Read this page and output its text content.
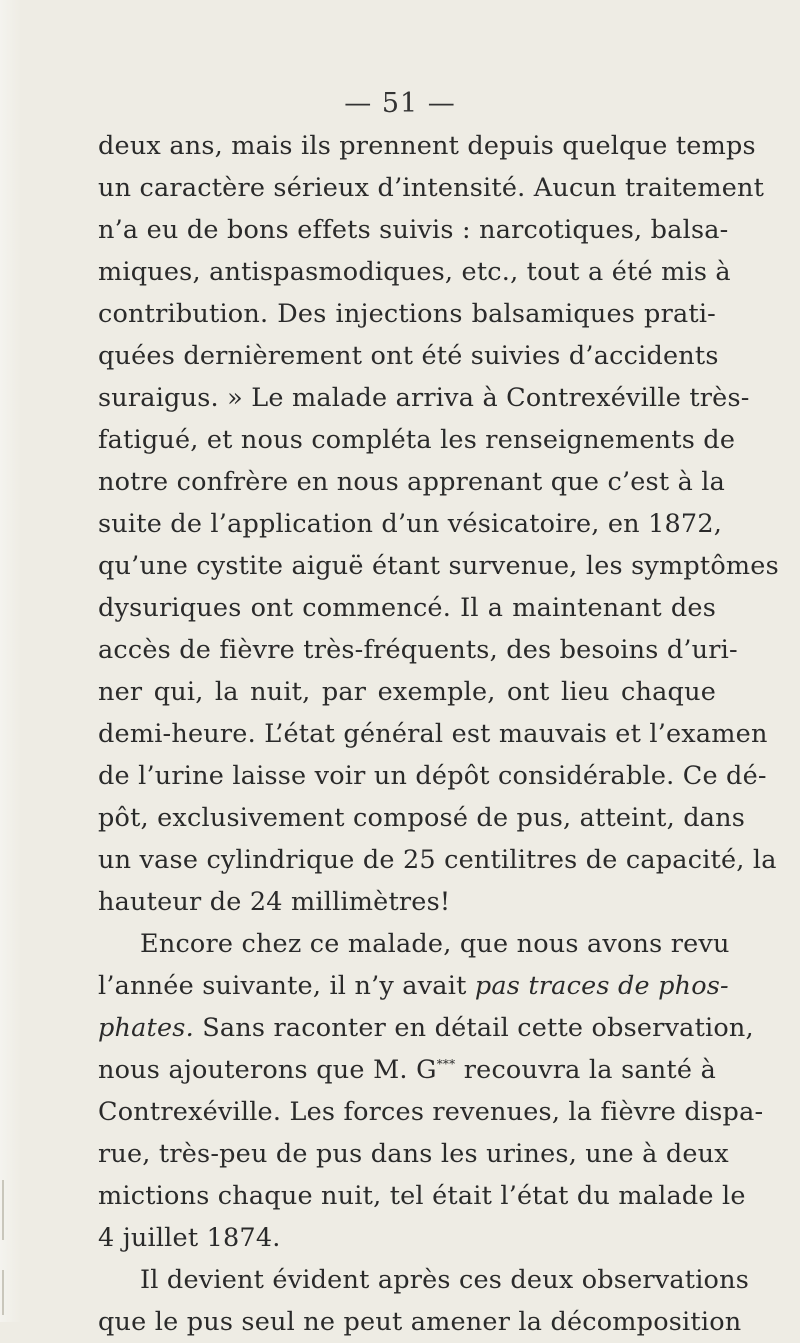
— 51 —
deux ans, mais ils prennent depuis quelque temps
un caractère sérieux d’intensité. Aucun traitement
n’a eu de bons effets suivis : narcotiques, balsa-
miques, antispasmodiques, etc., tout a été mis à
contribution. Des injections balsamiques prati-
quées dernièrement ont été suivies d’accidents
suraigus. » Le malade arriva à Contrexéville très-
fatigué, et nous compléta les renseignements de
notre confrère en nous apprenant que c’est à la
suite de l’application d’un vésicatoire, en 1872,
qu’une cystite aiguë étant survenue, les symptômes
dysuriques ont commencé. Il a maintenant des
accès de fièvre très-fréquents, des besoins d’uri-
ner qui, la nuit, par exemple, ont lieu chaque
demi-heure. L’état général est mauvais et l’examen
de l’urine laisse voir un dépôt considérable. Ce dé-
pôt, exclusivement composé de pus, atteint, dans
un vase cylindrique de 25 centilitres de capacité, la
hauteur de 24 millimètres!
Encore chez ce malade, que nous avons revu
l’année suivante, il n’y avait pas traces de phos-
phates. Sans raconter en détail cette observation,
nous ajouterons que M. G*** recouvra la santé à
Contrexéville. Les forces revenues, la fièvre dispa-
rue, très-peu de pus dans les urines, une à deux
mictions chaque nuit, tel était l’état du malade le
4 juillet 1874.
Il devient évident après ces deux observations
que le pus seul ne peut amener la décomposition
